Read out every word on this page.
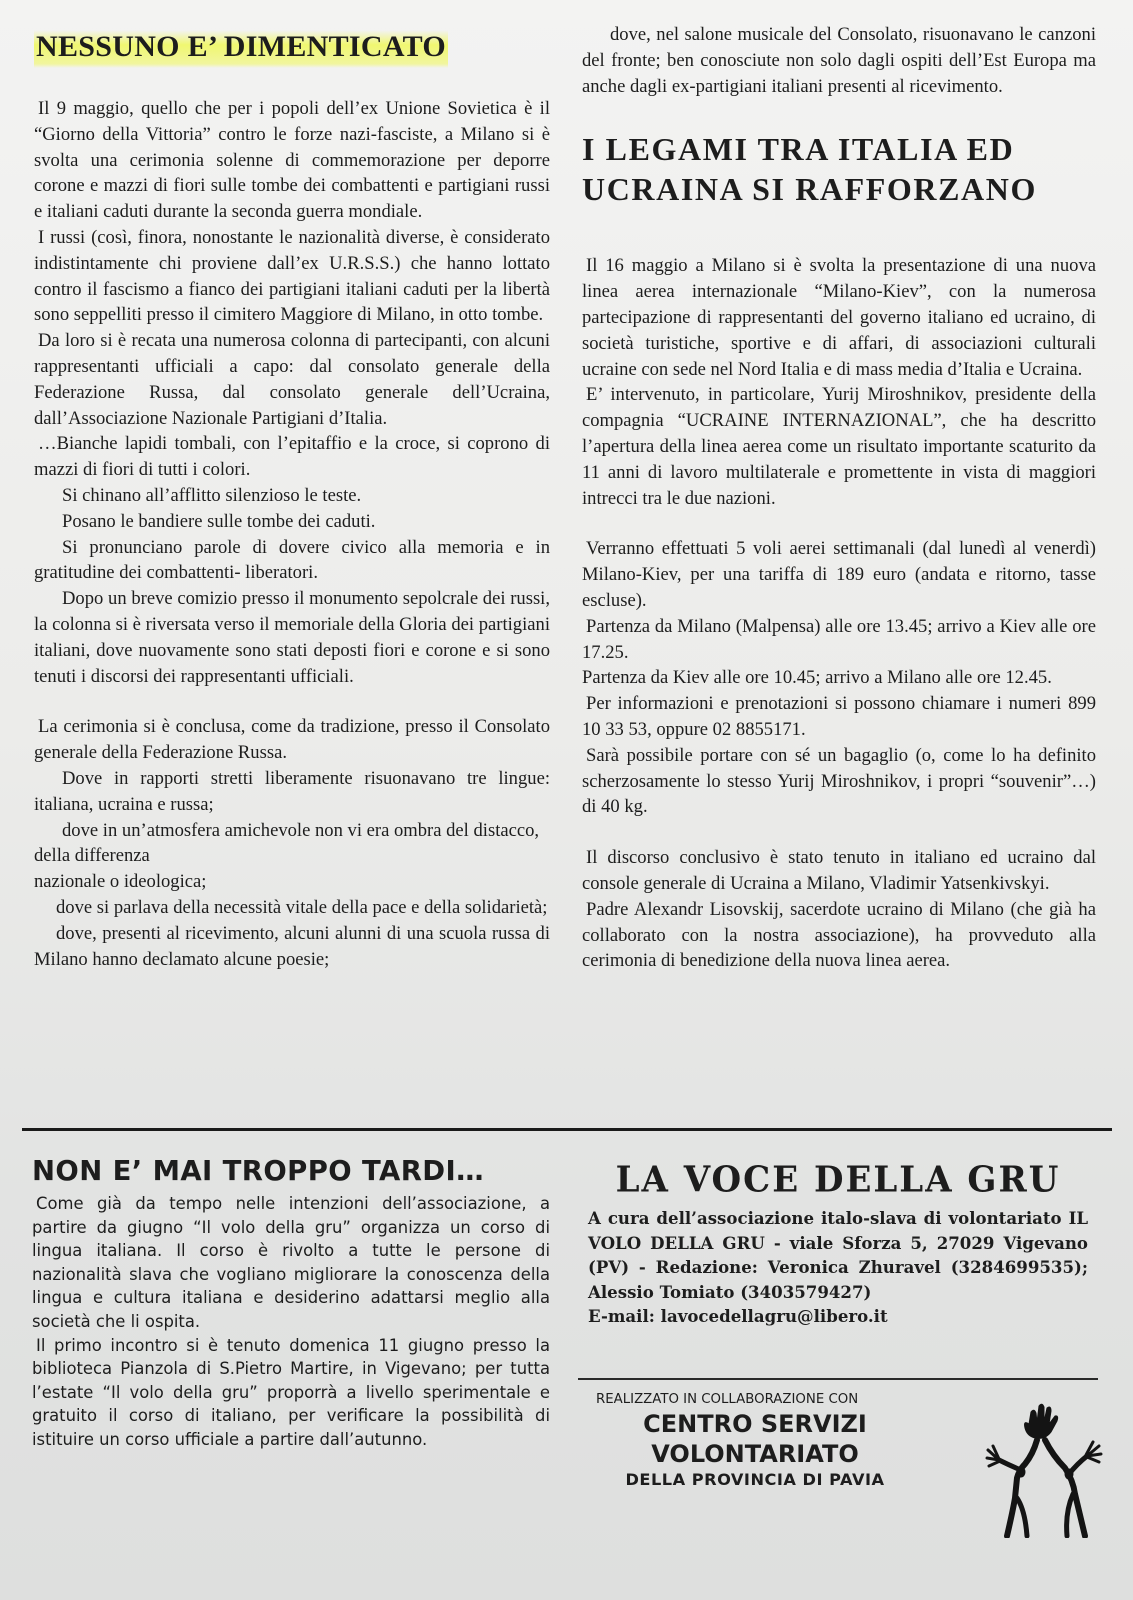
NESSUNO E’ DIMENTICATO

Il 9 maggio, quello che per i popoli dell’ex Unione Sovietica è il “Giorno della Vittoria” contro le forze nazi-fasciste, a Milano si è svolta una cerimonia solenne di commemorazione per deporre corone e mazzi di fiori sulle tombe dei combattenti e partigiani russi e italiani caduti durante la seconda guerra mondiale.

I russi (così, finora, nonostante le nazionalità diverse, è considerato indistintamente chi proviene dall’ex U.R.S.S.) che hanno lottato contro il fascismo a fianco dei partigiani italiani caduti per la libertà sono seppelliti presso il cimitero Maggiore di Milano, in otto tombe.

Da loro si è recata una numerosa colonna di partecipanti, con alcuni rappresentanti ufficiali a capo: dal consolato generale della Federazione Russa, dal consolato generale dell’Ucraina, dall’Associazione Nazionale Partigiani d’Italia.

…Bianche lapidi tombali, con l’epitaffio e la croce, si coprono di mazzi di fiori di tutti i colori.

Si chinano all’afflitto silenzioso le teste.

Posano le bandiere sulle tombe dei caduti.

Si pronunciano parole di dovere civico alla memoria e in gratitudine dei combattenti- liberatori.

Dopo un breve comizio presso il monumento sepolcrale dei russi, la colonna si è riversata verso il memoriale della Gloria dei partigiani italiani, dove nuovamente sono stati deposti fiori e corone e si sono tenuti i discorsi dei rappresentanti ufficiali.

La cerimonia si è conclusa, come da tradizione, presso il Consolato generale della Federazione Russa.

Dove in rapporti stretti liberamente risuonavano tre lingue: italiana, ucraina e russa;

dove in un’atmosfera amichevole non vi era ombra del distacco, della differenza

nazionale o ideologica;

dove si parlava della necessità vitale della pace e della solidarietà;

dove, presenti al ricevimento, alcuni alunni di una scuola russa di Milano hanno declamato alcune poesie;

dove, nel salone musicale del Consolato, risuonavano le canzoni del fronte; ben conosciute non solo dagli ospiti dell’Est Europa ma anche dagli ex-partigiani italiani presenti al ricevimento.

I LEGAMI TRA ITALIA ED
UCRAINA SI RAFFORZANO

Il 16 maggio a Milano si è svolta la presentazione di una nuova linea aerea internazionale “Milano-Kiev”, con la numerosa partecipazione di rappresentanti del governo italiano ed ucraino, di società turistiche, sportive e di affari, di associazioni culturali ucraine con sede nel Nord Italia e di mass media d’Italia e Ucraina.

E’ intervenuto, in particolare, Yurij Miroshnikov, presidente della compagnia “UCRAINE INTERNAZIONAL”, che ha descritto l’apertura della linea aerea come un risultato importante scaturito da 11 anni di lavoro multilaterale e promettente in vista di maggiori intrecci tra le due nazioni.

Verranno effettuati 5 voli aerei settimanali (dal lunedì al venerdì) Milano-Kiev, per una tariffa di 189 euro (andata e ritorno, tasse escluse).

Partenza da Milano (Malpensa) alle ore 13.45; arrivo a Kiev alle ore 17.25.

Partenza da Kiev alle ore 10.45; arrivo a Milano alle ore 12.45.

Per informazioni e prenotazioni si possono chiamare i numeri 899 10 33 53, oppure 02 8855171.

Sarà possibile portare con sé un bagaglio (o, come lo ha definito scherzosamente lo stesso Yurij Miroshnikov, i propri “souvenir”…) di 40 kg.

Il discorso conclusivo è stato tenuto in italiano ed ucraino dal console generale di Ucraina a Milano, Vladimir Yatsenkivskyi.

Padre Alexandr Lisovskij, sacerdote ucraino di Milano (che già ha collaborato con la nostra associazione), ha provveduto alla cerimonia di benedizione della nuova linea aerea.

NON E’ MAI TROPPO TARDI…

Come già da tempo nelle intenzioni dell’associazione, a partire da giugno “Il volo della gru” organizza un corso di lingua italiana. Il corso è rivolto a tutte le persone di nazionalità slava che vogliano migliorare la conoscenza della lingua e cultura italiana e desiderino adattarsi meglio alla società che li ospita.

Il primo incontro si è tenuto domenica 11 giugno presso la biblioteca Pianzola di S.Pietro Martire, in Vigevano; per tutta l’estate “Il volo della gru” proporrà a livello sperimentale e gratuito il corso di italiano, per verificare la possibilità di istituire un corso ufficiale a partire dall’autunno.

LA VOCE DELLA GRU

A cura dell’associazione italo-slava di volontariato IL VOLO DELLA GRU - viale Sforza 5, 27029 Vigevano (PV) - Redazione: Veronica Zhuravel (3284699535); Alessio Tomiato (3403579427)
E-mail: lavocedellagru@libero.it

REALIZZATO IN COLLABORAZIONE CON

CENTRO SERVIZI

VOLONTARIATO

DELLA PROVINCIA DI PAVIA
